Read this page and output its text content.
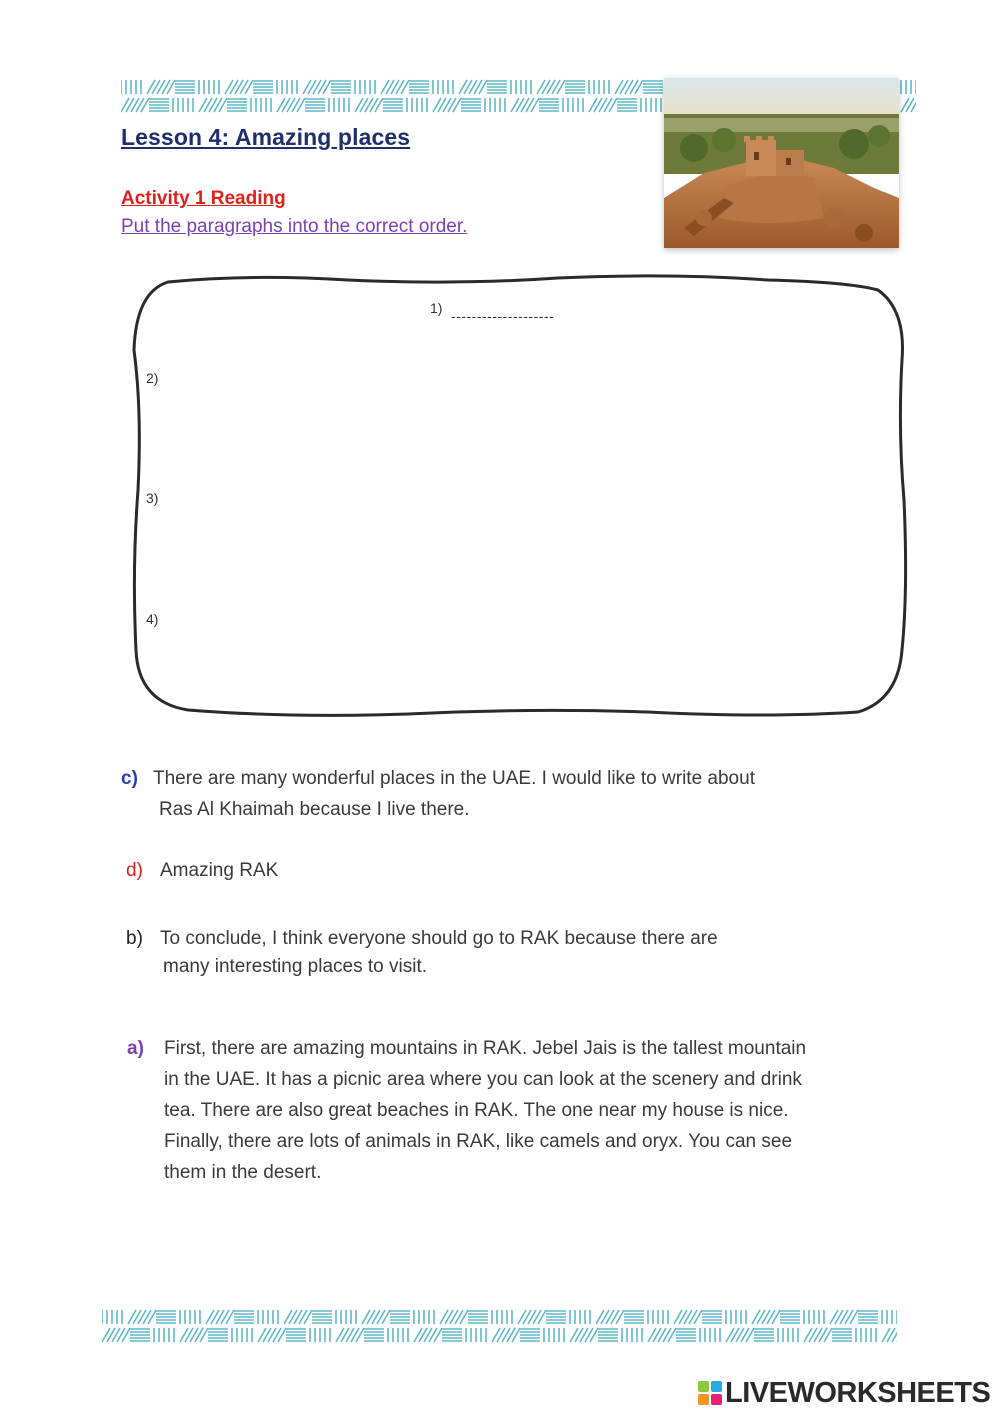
Lesson 4: Amazing places
Activity 1 Reading
Put the paragraphs into the correct order.
1) --------------------
2)
3)
4)
c) There are many wonderful places in the UAE. I would like to write about
Ras Al Khaimah because I live there.
d) Amazing RAK
b) To conclude, I think everyone should go to RAK because there are
many interesting places to visit.
a)	First, there are amazing mountains in RAK. Jebel Jais is the tallest mountain
in the UAE. It has a picnic area where you can look at the scenery and drink
tea. There are also great beaches in RAK. The one near my house is nice.
Finally, there are lots of animals in RAK, like camels and oryx. You can see
them in the desert.
LIVEWORKSHEETS
